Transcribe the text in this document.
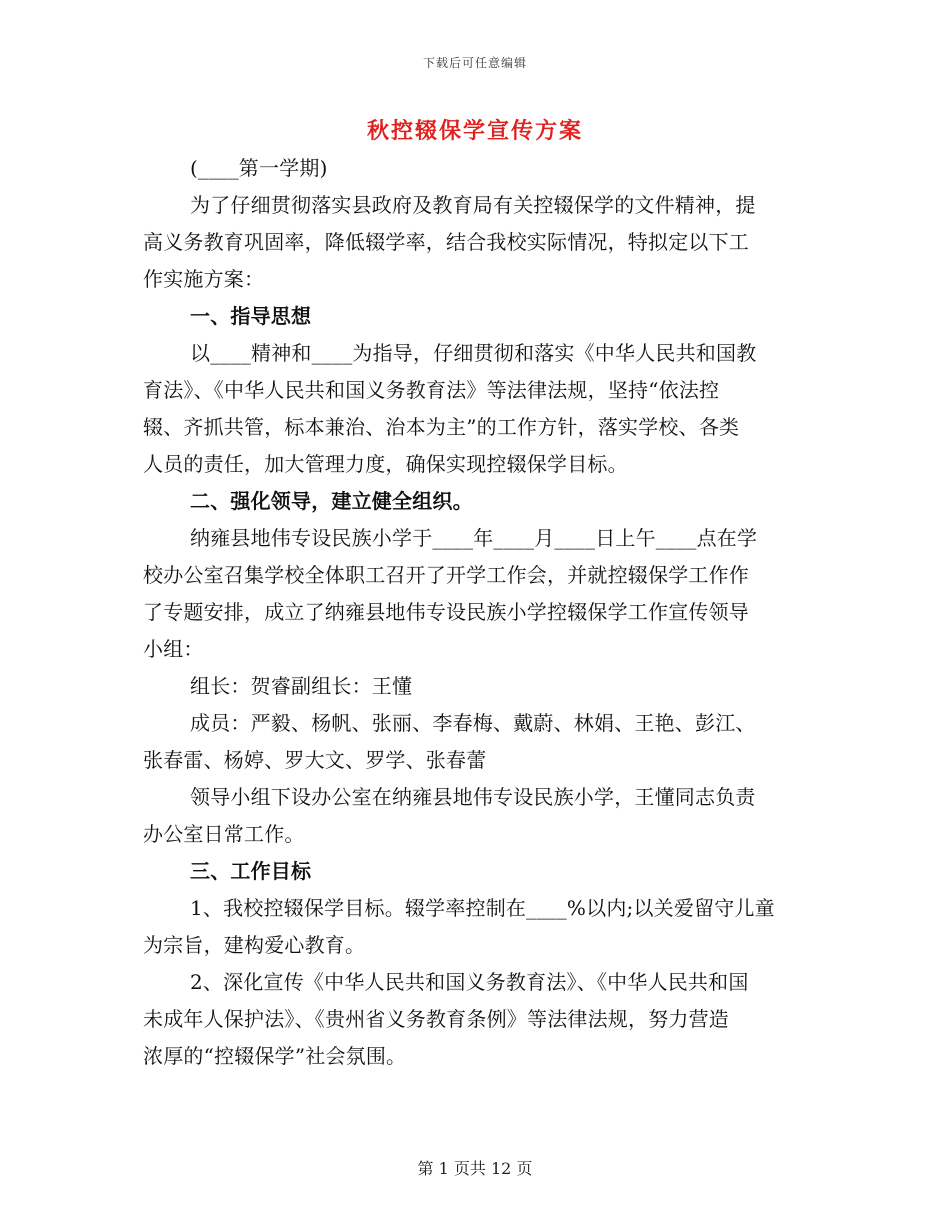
下载后可任意编辑
秋控辍保学宣传方案
(____第一学期)
为了仔细贯彻落实县政府及教育局有关控辍保学的文件精神，提
高义务教育巩固率，降低辍学率，结合我校实际情况，特拟定以下工
作实施方案：
一、指导思想
以____精神和____为指导，仔细贯彻和落实《中华人民共和国教
育法》、《中华人民共和国义务教育法》等法律法规，坚持“依法控
辍、齐抓共管，标本兼治、治本为主”的工作方针，落实学校、各类
人员的责任，加大管理力度，确保实现控辍保学目标。
二、强化领导，建立健全组织。
纳雍县地伟专设民族小学于____年____月____日上午____点在学
校办公室召集学校全体职工召开了开学工作会，并就控辍保学工作作
了专题安排，成立了纳雍县地伟专设民族小学控辍保学工作宣传领导
小组：
组长：贺睿副组长：王懂
成员：严毅、杨帆、张丽、李春梅、戴蔚、林娟、王艳、彭江、
张春雷、杨婷、罗大文、罗学、张春蕾
领导小组下设办公室在纳雍县地伟专设民族小学，王懂同志负责
办公室日常工作。
三、工作目标
1、我校控辍保学目标。辍学率控制在____%以内;以关爱留守儿童
为宗旨，建构爱心教育。
2、深化宣传《中华人民共和国义务教育法》、《中华人民共和国
未成年人保护法》、《贵州省义务教育条例》等法律法规，努力营造
浓厚的“控辍保学”社会氛围。
第 1 页共 12 页
